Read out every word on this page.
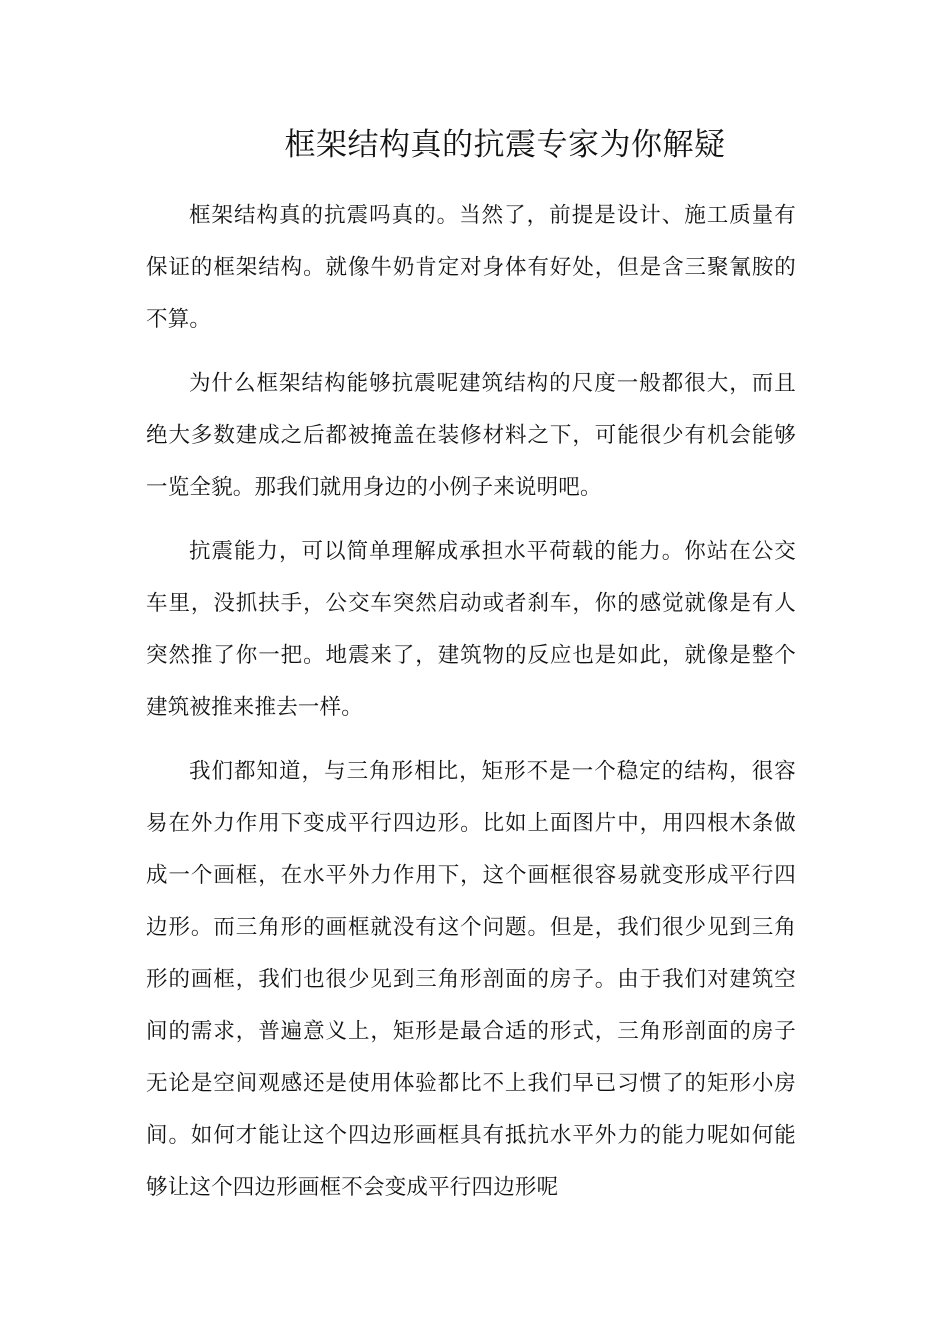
框架结构真的抗震专家为你解疑

框架结构真的抗震吗真的。当然了，前提是设计、施工质量有保证的框架结构。就像牛奶肯定对身体有好处，但是含三聚氰胺的不算。

为什么框架结构能够抗震呢建筑结构的尺度一般都很大，而且绝大多数建成之后都被掩盖在装修材料之下，可能很少有机会能够一览全貌。那我们就用身边的小例子来说明吧。

抗震能力，可以简单理解成承担水平荷载的能力。你站在公交车里，没抓扶手，公交车突然启动或者刹车，你的感觉就像是有人突然推了你一把。地震来了，建筑物的反应也是如此，就像是整个建筑被推来推去一样。

我们都知道，与三角形相比，矩形不是一个稳定的结构，很容易在外力作用下变成平行四边形。比如上面图片中，用四根木条做成一个画框，在水平外力作用下，这个画框很容易就变形成平行四边形。而三角形的画框就没有这个问题。但是，我们很少见到三角形的画框，我们也很少见到三角形剖面的房子。由于我们对建筑空间的需求，普遍意义上，矩形是最合适的形式，三角形剖面的房子无论是空间观感还是使用体验都比不上我们早已习惯了的矩形小房间。如何才能让这个四边形画框具有抵抗水平外力的能力呢如何能够让这个四边形画框不会变成平行四边形呢
